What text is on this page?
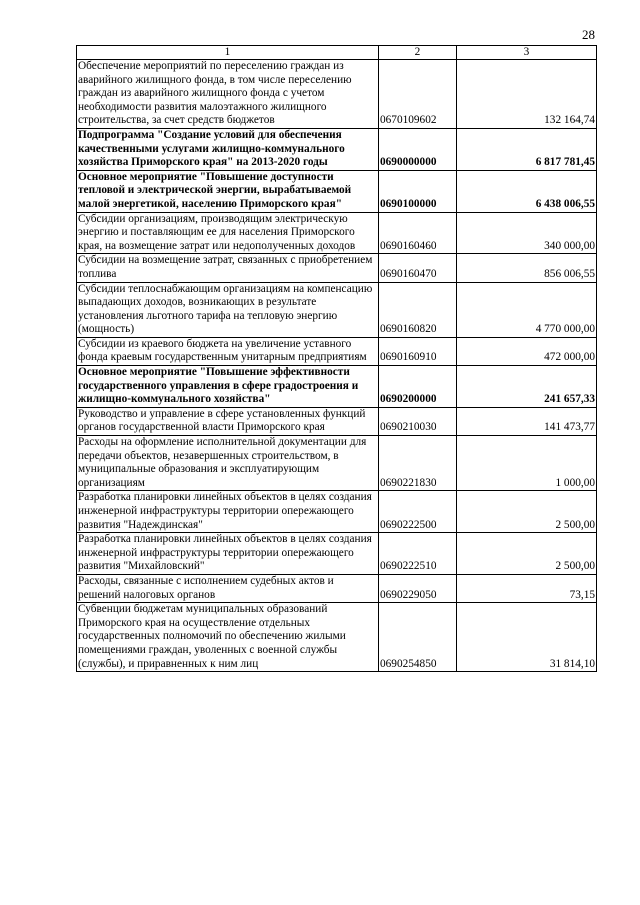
28
1	2	3
Обеспечение мероприятий по переселению граждан из аварийного жилищного фонда, в том числе переселению граждан из аварийного жилищного фонда с учетом необходимости развития малоэтажного жилищного строительства, за счет средств бюджетов	0670109602	132 164,74
Подпрограмма "Создание условий для обеспечения качественными услугами жилищно-коммунального хозяйства Приморского края" на 2013-2020 годы	0690000000	6 817 781,45
Основное мероприятие "Повышение доступности тепловой и электрической энергии, вырабатываемой малой энергетикой, населению Приморского края"	0690100000	6 438 006,55
Субсидии организациям, производящим электрическую энергию и поставляющим ее для населения Приморского края, на возмещение затрат или недополученных доходов	0690160460	340 000,00
Субсидии на возмещение затрат, связанных с приобретением топлива	0690160470	856 006,55
Субсидии теплоснабжающим организациям на компенсацию выпадающих доходов, возникающих в результате установления льготного тарифа на тепловую энергию (мощность)	0690160820	4 770 000,00
Субсидии из краевого бюджета на увеличение уставного фонда краевым государственным унитарным предприятиям	0690160910	472 000,00
Основное мероприятие "Повышение эффективности государственного управления в сфере градостроения и жилищно-коммунального хозяйства"	0690200000	241 657,33
Руководство и управление в сфере установленных функций органов государственной власти Приморского края	0690210030	141 473,77
Расходы на оформление исполнительной документации для передачи объектов, незавершенных строительством, в муниципальные образования и эксплуатирующим организациям	0690221830	1 000,00
Разработка планировки линейных объектов в целях создания инженерной инфраструктуры территории опережающего развития "Надеждинская"	0690222500	2 500,00
Разработка планировки линейных объектов в целях создания инженерной инфраструктуры территории опережающего развития "Михайловский"	0690222510	2 500,00
Расходы, связанные с исполнением судебных актов и решений налоговых органов	0690229050	73,15
Субвенции бюджетам муниципальных образований Приморского края на осуществление отдельных государственных полномочий по обеспечению жилыми помещениями граждан, уволенных с военной службы (службы), и приравненных к ним лиц	0690254850	31 814,10
